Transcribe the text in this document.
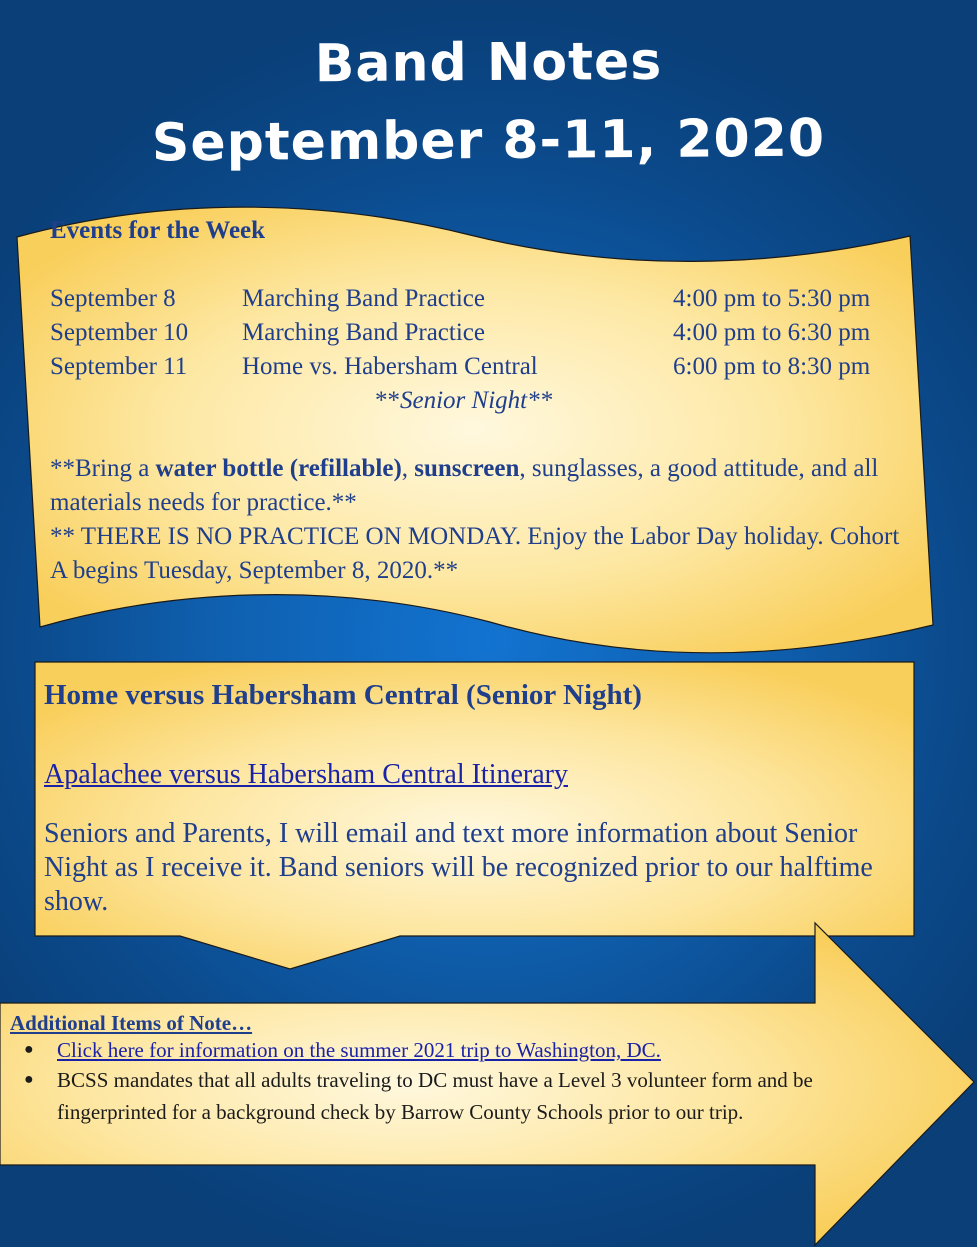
Band Notes
September 8-11, 2020
Events for the Week
September 8	Marching Band Practice	4:00 pm to 5:30 pm
September 10	Marching Band Practice	4:00 pm to 6:30 pm
September 11	Home vs. Habersham Central	6:00 pm to 8:30 pm
**Senior Night**

**Bring a water bottle (refillable), sunscreen, sunglasses, a good attitude, and all materials needs for practice.**

** THERE IS NO PRACTICE ON MONDAY. Enjoy the Labor Day holiday. Cohort A begins Tuesday, September 8, 2020.**

Home versus Habersham Central (Senior Night)
Apalachee versus Habersham Central Itinerary

Seniors and Parents, I will email and text more information about Senior Night as I receive it. Band seniors will be recognized prior to our halftime show.

Additional Items of Note…
● Click here for information on the summer 2021 trip to Washington, DC.
● BCSS mandates that all adults traveling to DC must have a Level 3 volunteer form and be fingerprinted for a background check by Barrow County Schools prior to our trip.
